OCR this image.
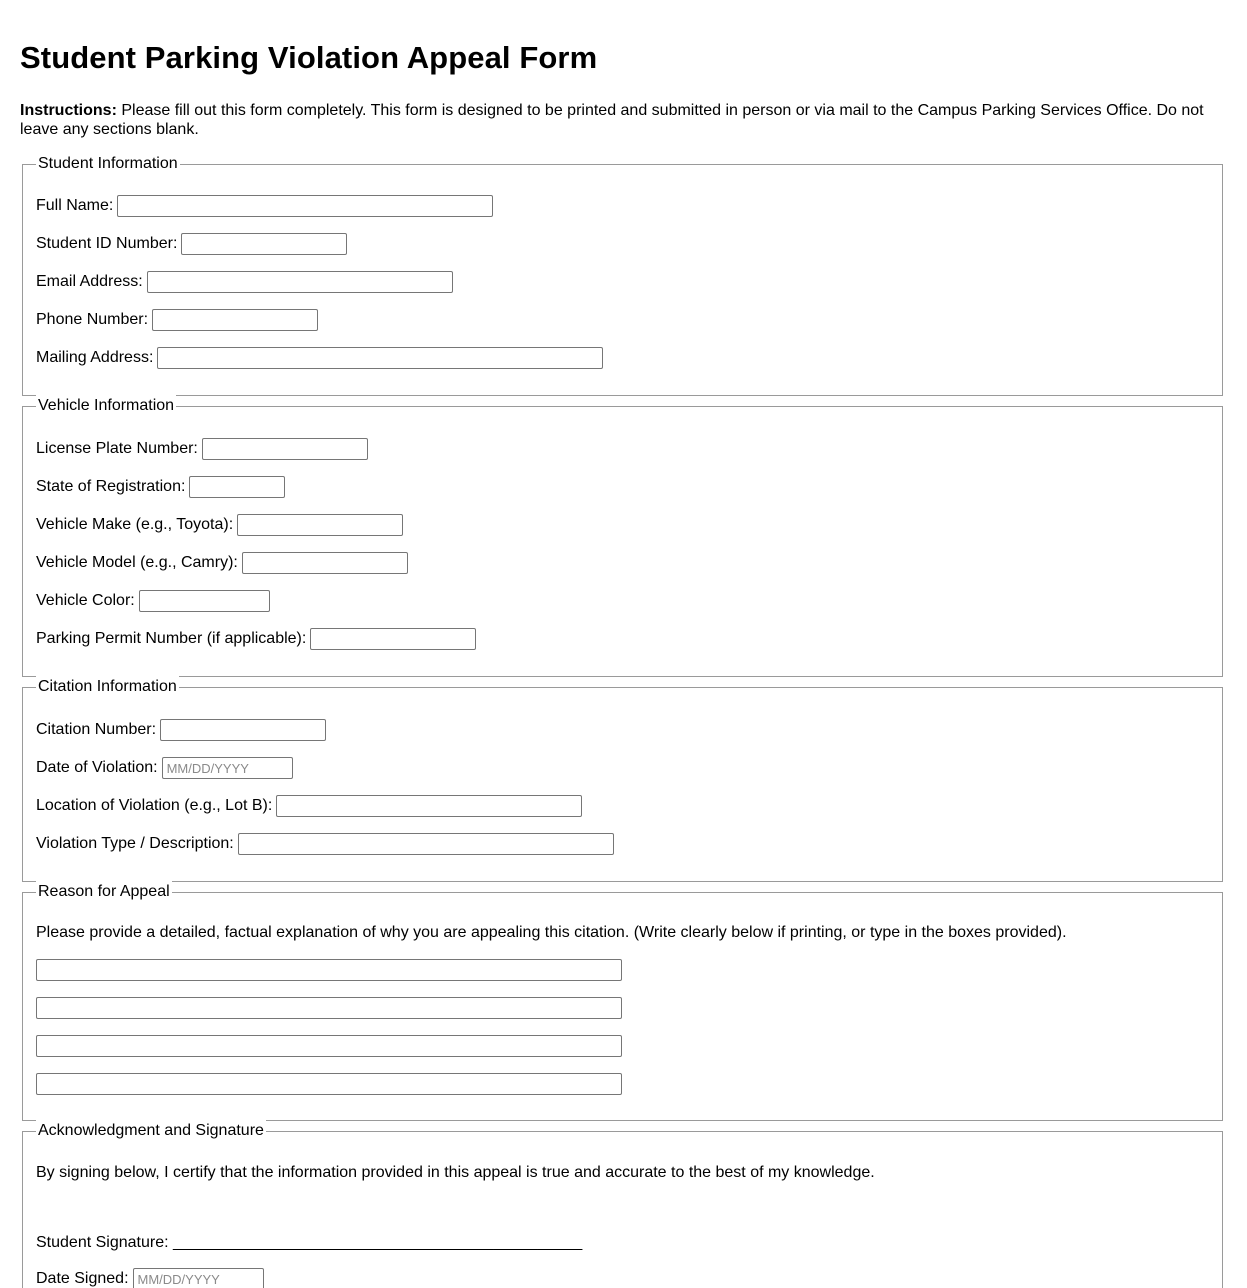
Student Parking Violation Appeal Form

Instructions: Please fill out this form completely. This form is designed to be printed and submitted in person or via mail to the Campus Parking Services Office. Do not leave any sections blank.

Student Information
Full Name:
Student ID Number:
Email Address:
Phone Number:
Mailing Address:
Vehicle Information
License Plate Number:
State of Registration:
Vehicle Make (e.g., Toyota):
Vehicle Model (e.g., Camry):
Vehicle Color:
Parking Permit Number (if applicable):
Citation Information
Citation Number:
Date of Violation:
MM/DD/YYYY
Location of Violation (e.g., Lot B):
Violation Type / Description:
Reason for Appeal
Please provide a detailed, factual explanation of why you are appealing this citation. (Write clearly below if printing, or type in the boxes provided).
Acknowledgment and Signature
By signing below, I certify that the information provided in this appeal is true and accurate to the best of my knowledge.
Student Signature: ______________________________________________
Date Signed:
MM/DD/YYYY
